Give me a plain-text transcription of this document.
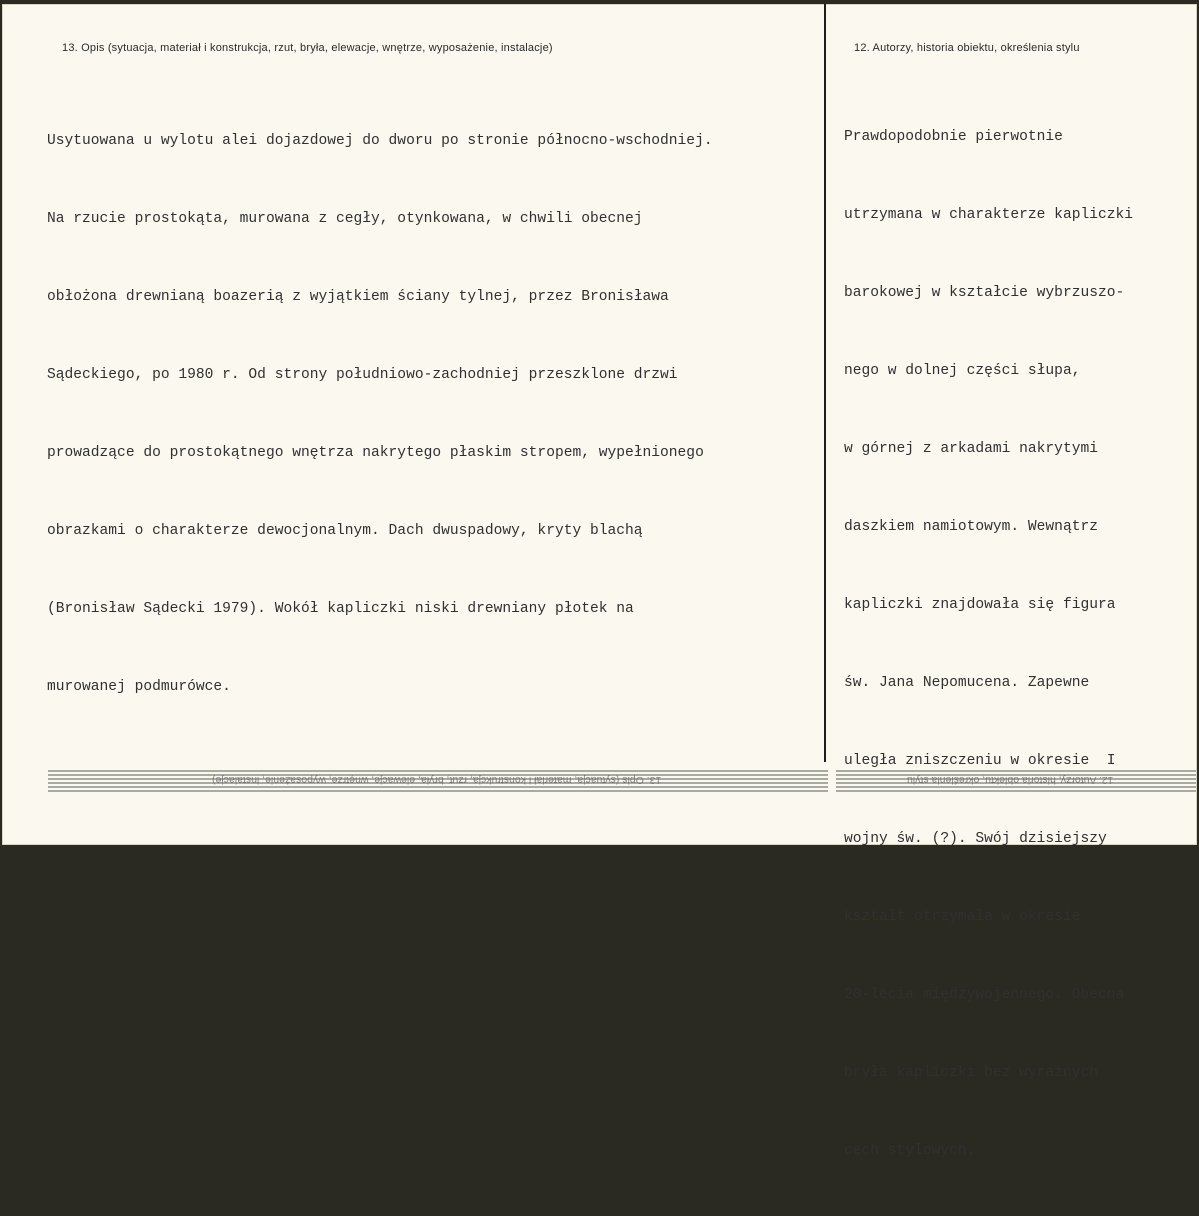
13. Opis (sytuacja, materiał i konstrukcja, rzut, bryła, elewacje, wnętrze, wyposażenie, instalacje)	12. Autorzy, historia obiektu, określenia stylu

Usytuowana u wylotu alei dojazdowej do dworu po stronie północno-wschodniej.

Na rzucie prostokąta, murowana z cegły, otynkowana, w chwili obecnej

obłożona drewnianą boazerią z wyjątkiem ściany tylnej, przez Bronisława

Sądeckiego, po 1980 r. Od strony południowo-zachodniej przeszklone drzwi

prowadzące do prostokątnego wnętrza nakrytego płaskim stropem, wypełnionego

obrazkami o charakterze dewocjonalnym. Dach dwuspadowy, kryty blachą

(Bronisław Sądecki 1979). Wokół kapliczki niski drewniany płotek na

murowanej podmurówce.

Prawdopodobnie pierwotnie

utrzymana w charakterze kapliczki

barokowej w kształcie wybrzuszo-

nego w dolnej części słupa,

w górnej z arkadami nakrytymi

daszkiem namiotowym. Wewnątrz

kapliczki znajdowała się figura

św. Jana Nepomucena. Zapewne

uległa zniszczeniu w okresie  I

wojny św. (?). Swój dzisiejszy

kształt otrzymała w okresie

20-lecia międzywojennego. Obecna

bryła kapliczki bez wyraźnych

cech stylowych.

13. Opis (sytuacja, materiał i konstrukcja, rzut, bryła, elewacje, wnętrze, wyposażenie, instalacje)	12. Autorzy, historia obiektu, określenia stylu
